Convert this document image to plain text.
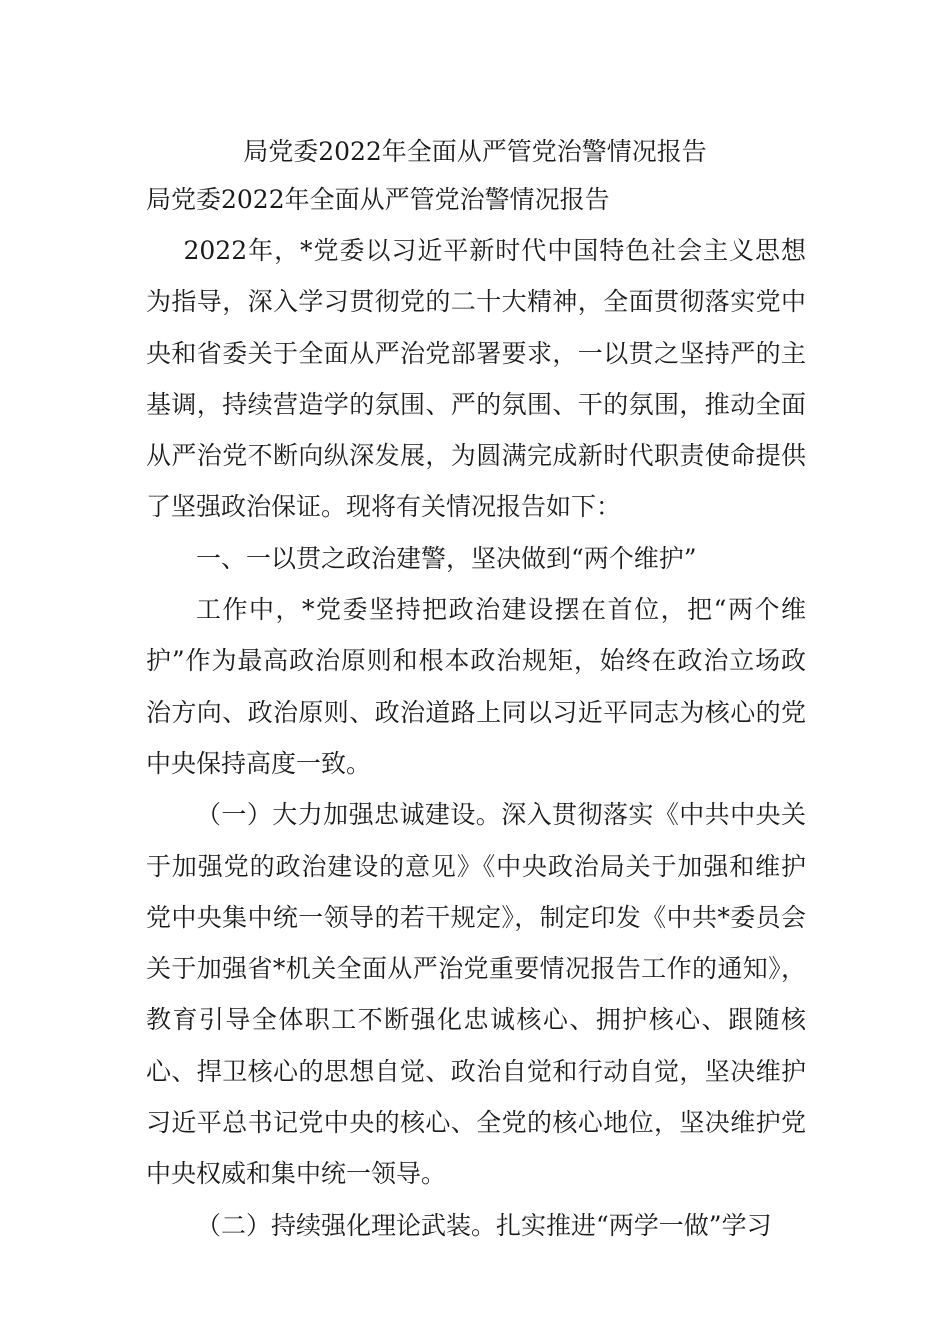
局党委2022年全面从严管党治警情况报告
局党委2022年全面从严管党治警情况报告

2022年，*党委以习近平新时代中国特色社会主义思想为指导，深入学习贯彻党的二十大精神，全面贯彻落实党中央和省委关于全面从严治党部署要求，一以贯之坚持严的主基调，持续营造学的氛围、严的氛围、干的氛围，推动全面从严治党不断向纵深发展，为圆满完成新时代职责使命提供了坚强政治保证。现将有关情况报告如下：

一、一以贯之政治建警，坚决做到“两个维护”

工作中，*党委坚持把政治建设摆在首位，把“两个维护”作为最高政治原则和根本政治规矩，始终在政治立场政治方向、政治原则、政治道路上同以习近平同志为核心的党中央保持高度一致。

（一）大力加强忠诚建设。深入贯彻落实《中共中央关于加强党的政治建设的意见》《中央政治局关于加强和维护党中央集中统一领导的若干规定》，制定印发《中共*委员会关于加强省*机关全面从严治党重要情况报告工作的通知》，教育引导全体职工不断强化忠诚核心、拥护核心、跟随核心、捍卫核心的思想自觉、政治自觉和行动自觉，坚决维护习近平总书记党中央的核心、全党的核心地位，坚决维护党中央权威和集中统一领导。

（二）持续强化理论武装。扎实推进“两学一做”学习
